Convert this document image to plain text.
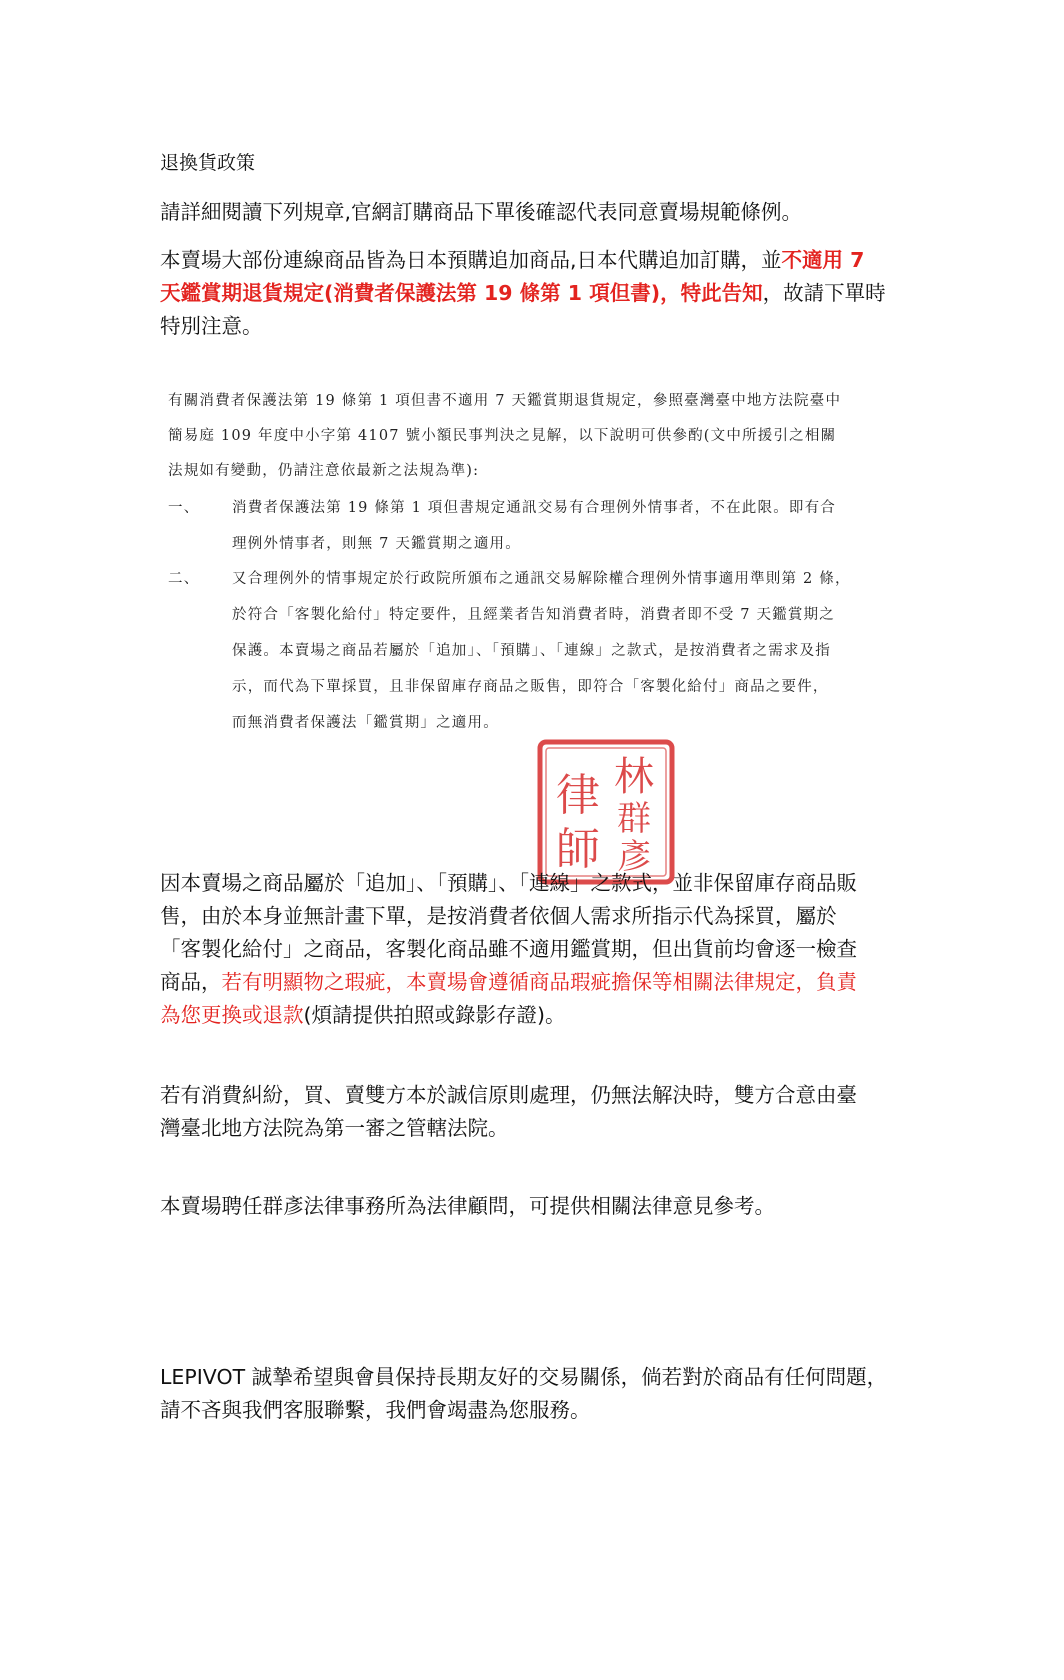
退換貨政策
請詳細閱讀下列規章,官網訂購商品下單後確認代表同意賣場規範條例。
本賣場大部份連線商品皆為日本預購追加商品,日本代購追加訂購，並不適用 7
天鑑賞期退貨規定(消費者保護法第 19 條第 1 項但書)，特此告知，故請下單時
特別注意。
有關消費者保護法第 19 條第 1 項但書不適用 7 天鑑賞期退貨規定，參照臺灣臺中地方法院臺中
簡易庭 109 年度中小字第 4107 號小額民事判決之見解，以下說明可供參酌(文中所援引之相關
法規如有變動，仍請注意依最新之法規為準):
一、 消費者保護法第 19 條第 1 項但書規定通訊交易有合理例外情事者，不在此限。即有合
理例外情事者，則無 7 天鑑賞期之適用。
二、 又合理例外的情事規定於行政院所頒布之通訊交易解除權合理例外情事適用準則第 2 條，
於符合「客製化給付」特定要件，且經業者告知消費者時，消費者即不受 7 天鑑賞期之
保護。本賣場之商品若屬於「追加」、「預購」、「連線」之款式，是按消費者之需求及指
示，而代為下單採買，且非保留庫存商品之販售，即符合「客製化給付」商品之要件，
而無消費者保護法「鑑賞期」之適用。
林
群
彥
律
師
因本賣場之商品屬於「追加」、「預購」、「連線」之款式，並非保留庫存商品販
售，由於本身並無計畫下單，是按消費者依個人需求所指示代為採買，屬於
「客製化給付」之商品，客製化商品雖不適用鑑賞期，但出貨前均會逐一檢查
商品，若有明顯物之瑕疵，本賣場會遵循商品瑕疵擔保等相關法律規定，負責
為您更換或退款(煩請提供拍照或錄影存證)。
若有消費糾紛，買、賣雙方本於誠信原則處理，仍無法解決時，雙方合意由臺
灣臺北地方法院為第一審之管轄法院。
本賣場聘任群彥法律事務所為法律顧問，可提供相關法律意見參考。
LEPIVOT 誠摯希望與會員保持長期友好的交易關係，倘若對於商品有任何問題，
請不吝與我們客服聯繫，我們會竭盡為您服務。
